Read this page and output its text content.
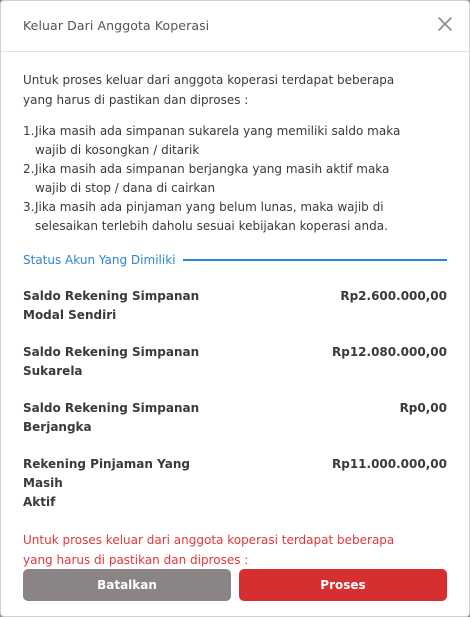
Keluar Dari Anggota Koperasi

Untuk proses keluar dari anggota koperasi terdapat beberapa
yang harus di pastikan dan diproses :

1. Jika masih ada simpanan sukarela yang memiliki saldo maka
wajib di kosongkan / ditarik
2. Jika masih ada simpanan berjangka yang masih aktif maka
wajib di stop / dana di cairkan
3. Jika masih ada pinjaman yang belum lunas, maka wajib di
selesaikan terlebih daholu sesuai kebijakan koperasi anda.
Status Akun Yang Dimiliki
Saldo Rekening Simpanan
Modal Sendiri
Rp2.600.000,00
Saldo Rekening Simpanan
Sukarela
Rp12.080.000,00
Saldo Rekening Simpanan
Berjangka
Rp0,00
Rekening Pinjaman Yang Masih
Aktif
Rp11.000.000,00

Untuk proses keluar dari anggota koperasi terdapat beberapa
yang harus di pastikan dan diproses :

Batalkan	Proses
